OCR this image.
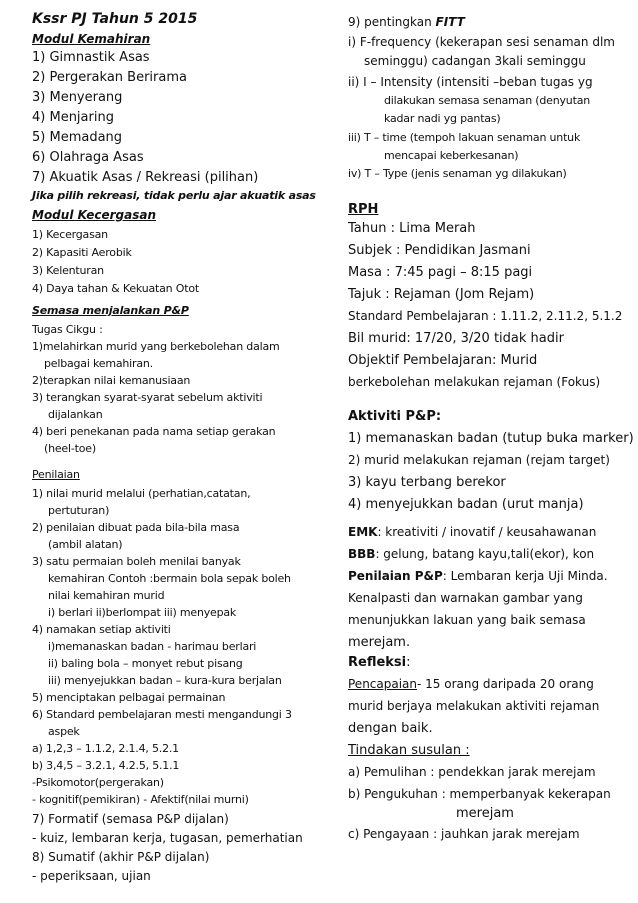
Kssr PJ Tahun 5 2015
Modul Kemahiran
1) Gimnastik Asas
2) Pergerakan Berirama
3) Menyerang
4) Menjaring
5) Memadang
6) Olahraga Asas
7) Akuatik Asas / Rekreasi (pilihan)
Jika pilih rekreasi, tidak perlu ajar akuatik asas
Modul Kecergasan
1) Kecergasan
2) Kapasiti Aerobik
3) Kelenturan
4) Daya tahan & Kekuatan Otot
Semasa menjalankan P&P
Tugas Cikgu :
1)melahirkan murid yang berkebolehan dalam
pelbagai kemahiran.
2)terapkan nilai kemanusiaan
3) terangkan syarat-syarat sebelum aktiviti
dijalankan
4) beri penekanan pada nama setiap gerakan
(heel-toe)
Penilaian
1) nilai murid melalui (perhatian,catatan,
pertuturan)
2) penilaian dibuat pada bila-bila masa
(ambil alatan)
3) satu permaian boleh menilai banyak
kemahiran Contoh :bermain bola sepak boleh
nilai kemahiran murid
i) berlari ii)berlompat iii) menyepak
4) namakan setiap aktiviti
i)memanaskan badan - harimau berlari
ii) baling bola – monyet rebut pisang
iii) menyejukkan badan – kura-kura berjalan
5) menciptakan pelbagai permainan
6) Standard pembelajaran mesti mengandungi 3
aspek
a) 1,2,3 – 1.1.2, 2.1.4, 5.2.1
b) 3,4,5 – 3.2.1, 4.2.5, 5.1.1
-Psikomotor(pergerakan)
- kognitif(pemikiran) - Afektif(nilai murni)
7) Formatif (semasa P&P dijalan)
- kuiz, lembaran kerja, tugasan, pemerhatian
8) Sumatif (akhir P&P dijalan)
- peperiksaan, ujian
9) pentingkan FITT
i) F-frequency (kekerapan sesi senaman dlm
seminggu) cadangan 3kali seminggu
ii) I – Intensity (intensiti –beban tugas yg
dilakukan semasa senaman (denyutan
kadar nadi yg pantas)
iii) T – time (tempoh lakuan senaman untuk
mencapai keberkesanan)
iv) T – Type (jenis senaman yg dilakukan)
RPH
Tahun : Lima Merah
Subjek : Pendidikan Jasmani
Masa : 7:45 pagi – 8:15 pagi
Tajuk : Rejaman (Jom Rejam)
Standard Pembelajaran : 1.11.2, 2.11.2, 5.1.2
Bil murid: 17/20, 3/20 tidak hadir
Objektif Pembelajaran: Murid
berkebolehan melakukan rejaman (Fokus)
Aktiviti P&P:
1) memanaskan badan (tutup buka marker)
2) murid melakukan rejaman (rejam target)
3) kayu terbang berekor
4) menyejukkan badan (urut manja)
EMK: kreativiti / inovatif / keusahawanan
BBB: gelung, batang kayu,tali(ekor), kon
Penilaian P&P: Lembaran kerja Uji Minda.
Kenalpasti dan warnakan gambar yang
menunjukkan lakuan yang baik semasa
merejam.
Refleksi:
Pencapaian- 15 orang daripada 20 orang
murid berjaya melakukan aktiviti rejaman
dengan baik.
Tindakan susulan :
a) Pemulihan : pendekkan jarak merejam
b) Pengukuhan : memperbanyak kekerapan
merejam
c) Pengayaan : jauhkan jarak merejam
